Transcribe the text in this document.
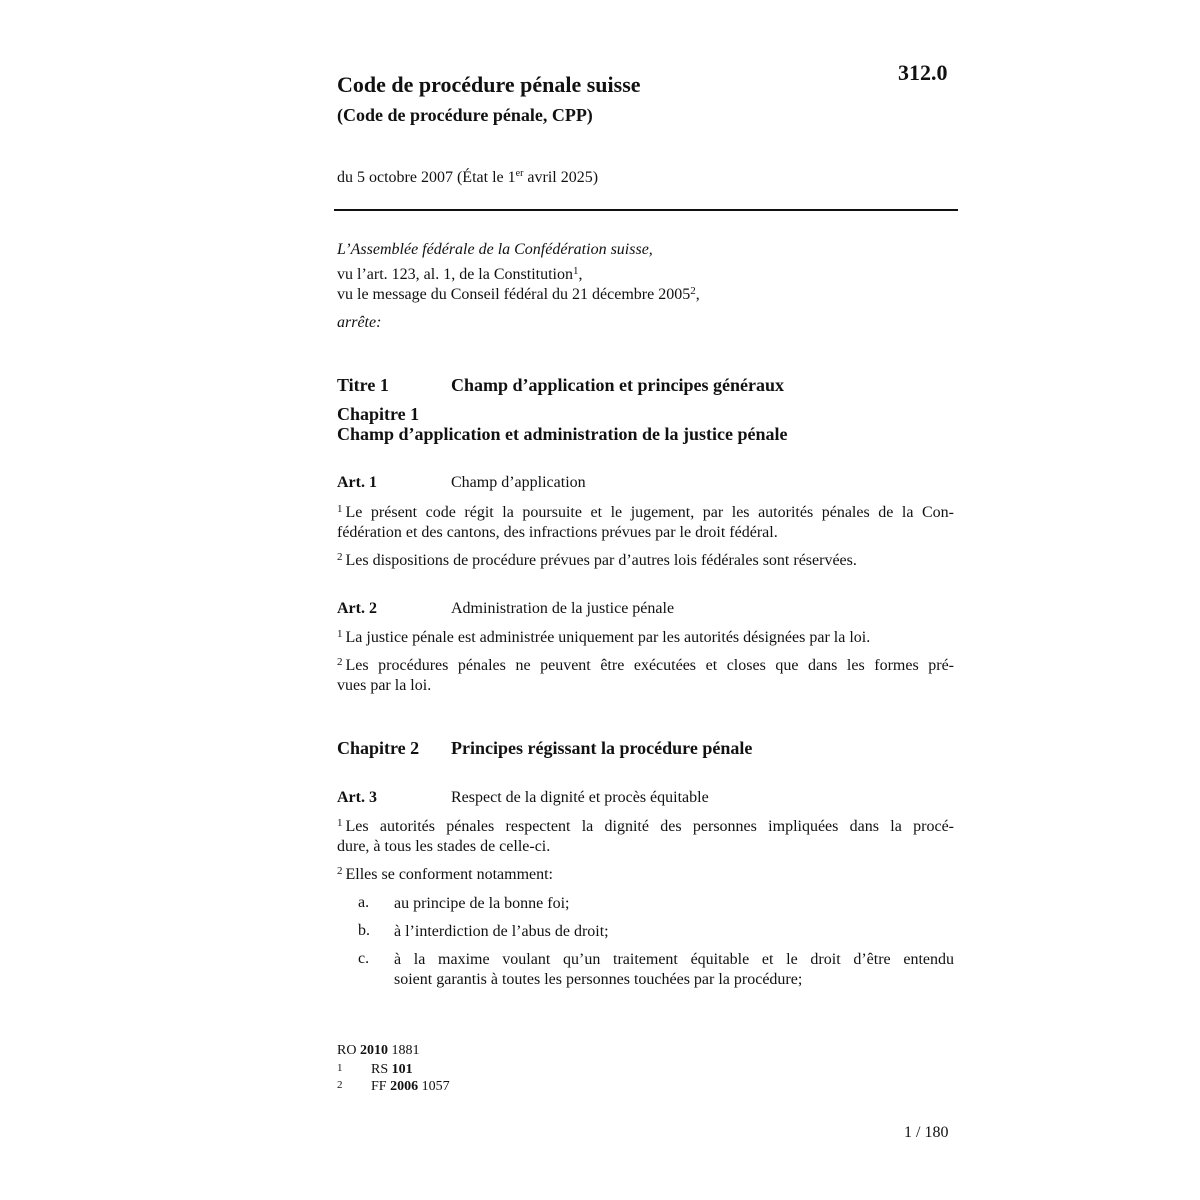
312.0
Code de procédure pénale suisse
(Code de procédure pénale, CPP)
du 5 octobre 2007 (État le 1er avril 2025)
L’Assemblée fédérale de la Confédération suisse,
vu l’art. 123, al. 1, de la Constitution$^1$,
vu le message du Conseil fédéral du 21 décembre 2005$^2$,
arrête:
Titre 1	Champ d’application et principes généraux
Chapitre 1
Champ d’application et administration de la justice pénale
Art. 1	Champ d’application
$^1$ Le présent code régit la poursuite et le jugement, par les autorités pénales de la Con-
fédération et des cantons, des infractions prévues par le droit fédéral.
$^2$ Les dispositions de procédure prévues par d’autres lois fédérales sont réservées.
Art. 2	Administration de la justice pénale
$^1$ La justice pénale est administrée uniquement par les autorités désignées par la loi.
$^2$ Les procédures pénales ne peuvent être exécutées et closes que dans les formes pré-
vues par la loi.
Chapitre 2 Principes régissant la procédure pénale
Art. 3	Respect de la dignité et procès équitable
$^1$ Les autorités pénales respectent la dignité des personnes impliquées dans la procé-
dure, à tous les stades de celle-ci.
$^2$ Elles se conforment notamment:
a. au principe de la bonne foi;
b. à l’interdiction de l’abus de droit;
c. à la maxime voulant qu’un traitement équitable et le droit d’être entendu
soient garantis à toutes les personnes touchées par la procédure;
RO 2010 1881
1 RS 101
2 FF 2006 1057
1 / 180
